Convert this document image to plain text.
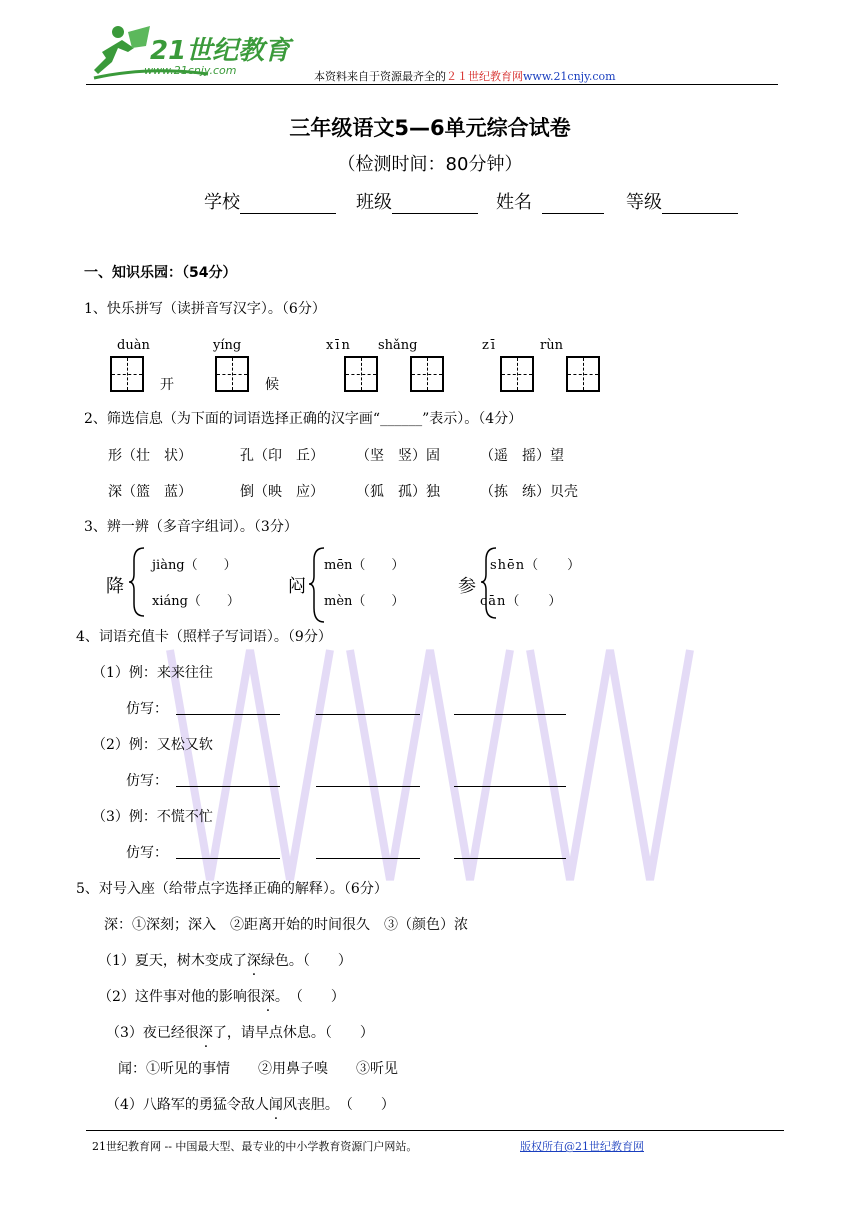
21世纪教育
www.21cnjy.com	本资料来自于资源最齐全的２１世纪教育网www.21cnjy.com
三年级语文5—6单元综合试卷
（检测时间：80分钟）
学校	班级	姓名	等级
一、知识乐园：（54分）
1、快乐拼写（读拼音写汉字）。（6分）
duàn	yíng	xīn shǎng	zī	rùn
开	候
2、筛选信息（为下面的词语选择正确的汉字画“______”表示）。（4分）
形（壮　状）	孔（印　丘） （坚　竖）固	（遥　摇）望
深（篮　蓝）	倒（映　应） （狐　孤）独	（拣　练）贝壳
3、辨一辨（多音字组词）。（3分）
降
jiàng（　　）
xiáng（　　）
闷
mēn（　　）
mèn（　　）
参
shēn（　　）
cān（　　）
4、词语充值卡（照样子写词语）。（9分）
（1）例：来来往往
仿写：
（2）例：又松又软
仿写：
（3）例：不慌不忙
仿写：
5、对号入座（给带点字选择正确的解释）。（6分）
深：①深刻；深入　②距离开始的时间很久　③（颜色）浓
（1）夏天，树木变成了深绿色。（　　）
（2）这件事对他的影响很深。　（　　）
（3）夜已经很深了，请早点休息。（　　）
闻：①听见的事情　　②用鼻子嗅　　③听见
（4）八路军的勇猛令敌人闻风丧胆。　（　　）
21世纪教育网 -- 中国最大型、最专业的中小学教育资源门户网站。	版权所有@21世纪教育网
